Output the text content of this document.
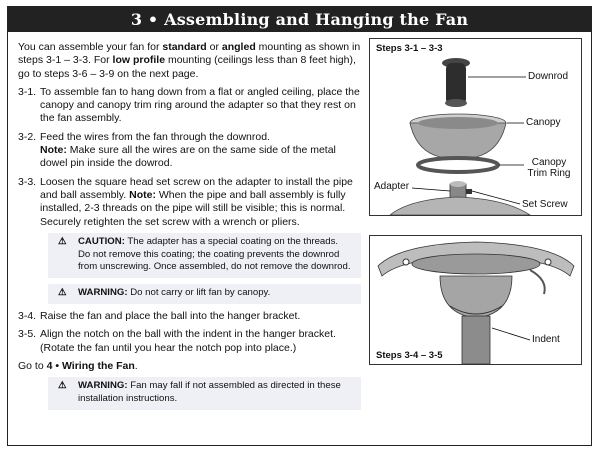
3 • Assembling and Hanging the Fan

You can assemble your fan for standard or angled mounting as shown in steps 3-1 – 3-3. For low profile mounting (ceilings less than 8 feet high), go to steps 3-6 – 3-9 on the next page.

3-1. To assemble fan to hang down from a flat or angled ceiling, place the canopy and canopy trim ring around the adapter so that they rest on the fan assembly.
3-2. Feed the wires from the fan through the downrod.
Note: Make sure all the wires are on the same side of the metal dowel pin inside the dowrod.
3-3. Loosen the square head set screw on the adapter to install the pipe and ball assembly. Note: When the pipe and ball assembly is fully installed, 2-3 threads on the pipe will still be visible; this is normal. Securely retighten the set screw with a wrench or pliers.
⚠ CAUTION: The adapter has a special coating on the threads. Do not remove this coating; the coating prevents the downrod from unscrewing. Once assembled, do not remove the downrod.
⚠ WARNING: Do not carry or lift fan by canopy.
3-4. Raise the fan and place the ball into the hanger bracket.
3-5. Align the notch on the ball with the indent in the hanger bracket. (Rotate the fan until you hear the notch pop into place.)

Go to 4 • Wiring the Fan.

⚠ WARNING: Fan may fall if not assembled as directed in these installation instructions.
Steps 3-1 – 3-3
Downrod
Canopy
Canopy Trim Ring
Adapter
Set Screw
Steps 3-4 – 3-5
Indent
